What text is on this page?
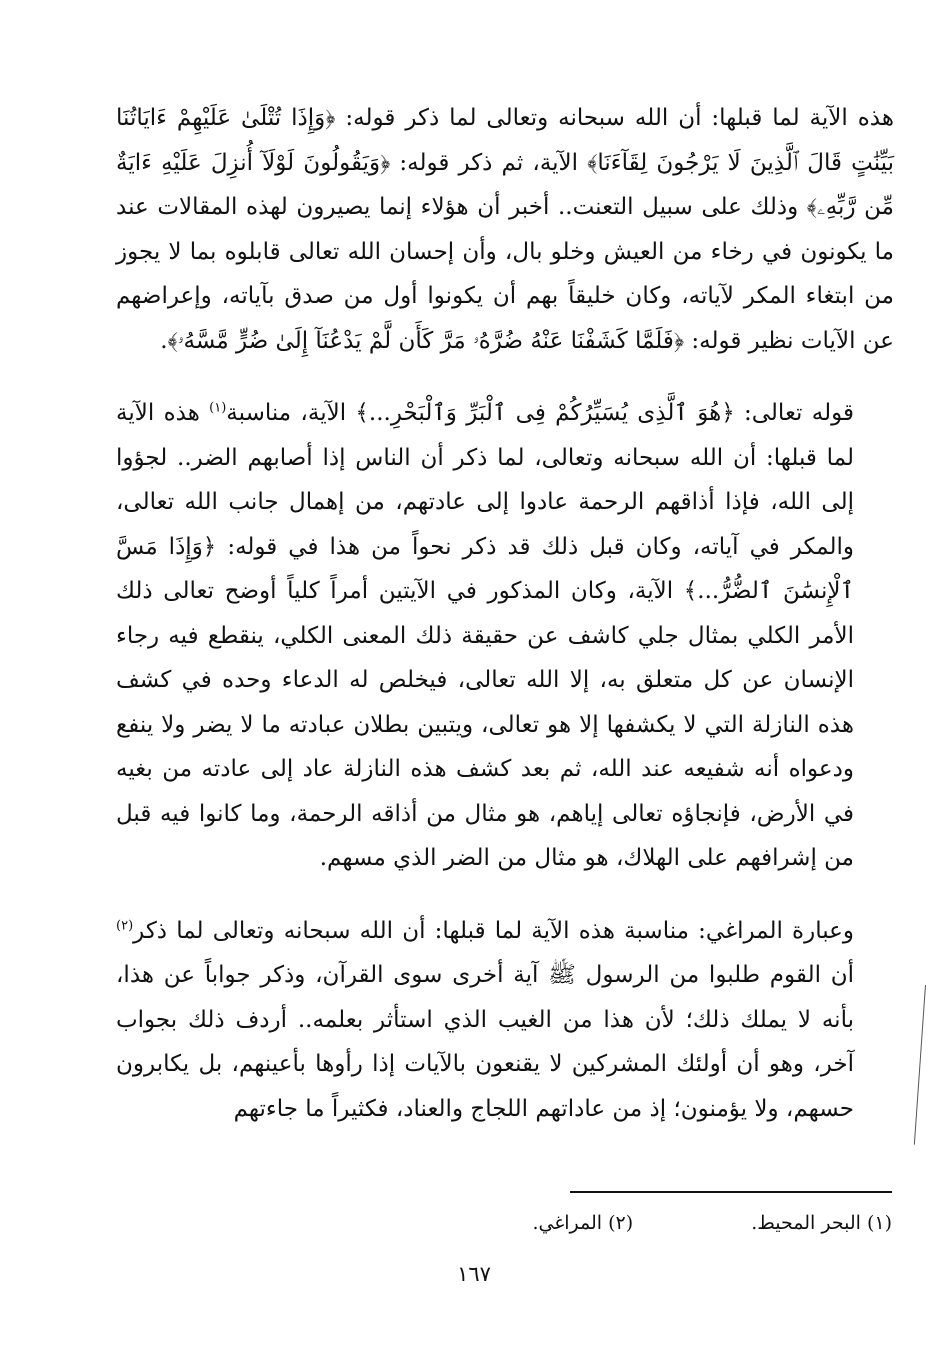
هذه الآية لما قبلها: أن الله سبحانه وتعالى لما ذكر قوله: ﴿وَإِذَا تُتْلَىٰ عَلَيْهِمْ ءَايَاتُنَا بَيِّنَٰتٍ قَالَ ٱلَّذِينَ لَا يَرْجُونَ لِقَآءَنَا﴾ الآية، ثم ذكر قوله: ﴿وَيَقُولُونَ لَوْلَآ أُنزِلَ عَلَيْهِ ءَايَةٌ مِّن رَّبِّهِۦ﴾ وذلك على سبيل التعنت.. أخبر أن هؤلاء إنما يصيرون لهذه المقالات عند ما يكونون في رخاء من العيش وخلو بال، وأن إحسان الله تعالى قابلوه بما لا يجوز من ابتغاء المكر لآياته، وكان خليقاً بهم أن يكونوا أول من صدق بآياته، وإعراضهم عن الآيات نظير قوله: ﴿فَلَمَّا كَشَفْنَا عَنْهُ ضُرَّهُۥ مَرَّ كَأَن لَّمْ يَدْعُنَآ إِلَىٰ ضُرٍّ مَّسَّهُۥ﴾.

قوله تعالى: ﴿هُوَ ٱلَّذِى يُسَيِّرُكُمْ فِى ٱلْبَرِّ وَٱلْبَحْرِ...﴾ الآية، مناسبة$^{(١)}$ هذه الآية لما قبلها: أن الله سبحانه وتعالى، لما ذكر أن الناس إذا أصابهم الضر.. لجؤوا إلى الله، فإذا أذاقهم الرحمة عادوا إلى عادتهم، من إهمال جانب الله تعالى، والمكر في آياته، وكان قبل ذلك قد ذكر نحواً من هذا في قوله: ﴿وَإِذَا مَسَّ ٱلْإِنسَٰنَ ٱلضُّرُّ...﴾ الآية، وكان المذكور في الآيتين أمراً كلياً أوضح تعالى ذلك الأمر الكلي بمثال جلي كاشف عن حقيقة ذلك المعنى الكلي، ينقطع فيه رجاء الإنسان عن كل متعلق به، إلا الله تعالى، فيخلص له الدعاء وحده في كشف هذه النازلة التي لا يكشفها إلا هو تعالى، ويتبين بطلان عبادته ما لا يضر ولا ينفع ودعواه أنه شفيعه عند الله، ثم بعد كشف هذه النازلة عاد إلى عادته من بغيه في الأرض، فإنجاؤه تعالى إياهم، هو مثال من أذاقه الرحمة، وما كانوا فيه قبل من إشرافهم على الهلاك، هو مثال من الضر الذي مسهم.

وعبارة المراغي: مناسبة هذه الآية لما قبلها: أن الله سبحانه وتعالى لما ذكر$^{(٢)}$ أن القوم طلبوا من الرسول ﷺ آية أخرى سوى القرآن، وذكر جواباً عن هذا، بأنه لا يملك ذلك؛ لأن هذا من الغيب الذي استأثر بعلمه.. أردف ذلك بجواب آخر، وهو أن أولئك المشركين لا يقنعون بالآيات إذا رأوها بأعينهم، بل يكابرون حسهم، ولا يؤمنون؛ إذ من عاداتهم اللجاج والعناد، فكثيراً ما جاءتهم

(١) البحر المحيط.
(٢) المراغي.
١٦٧
